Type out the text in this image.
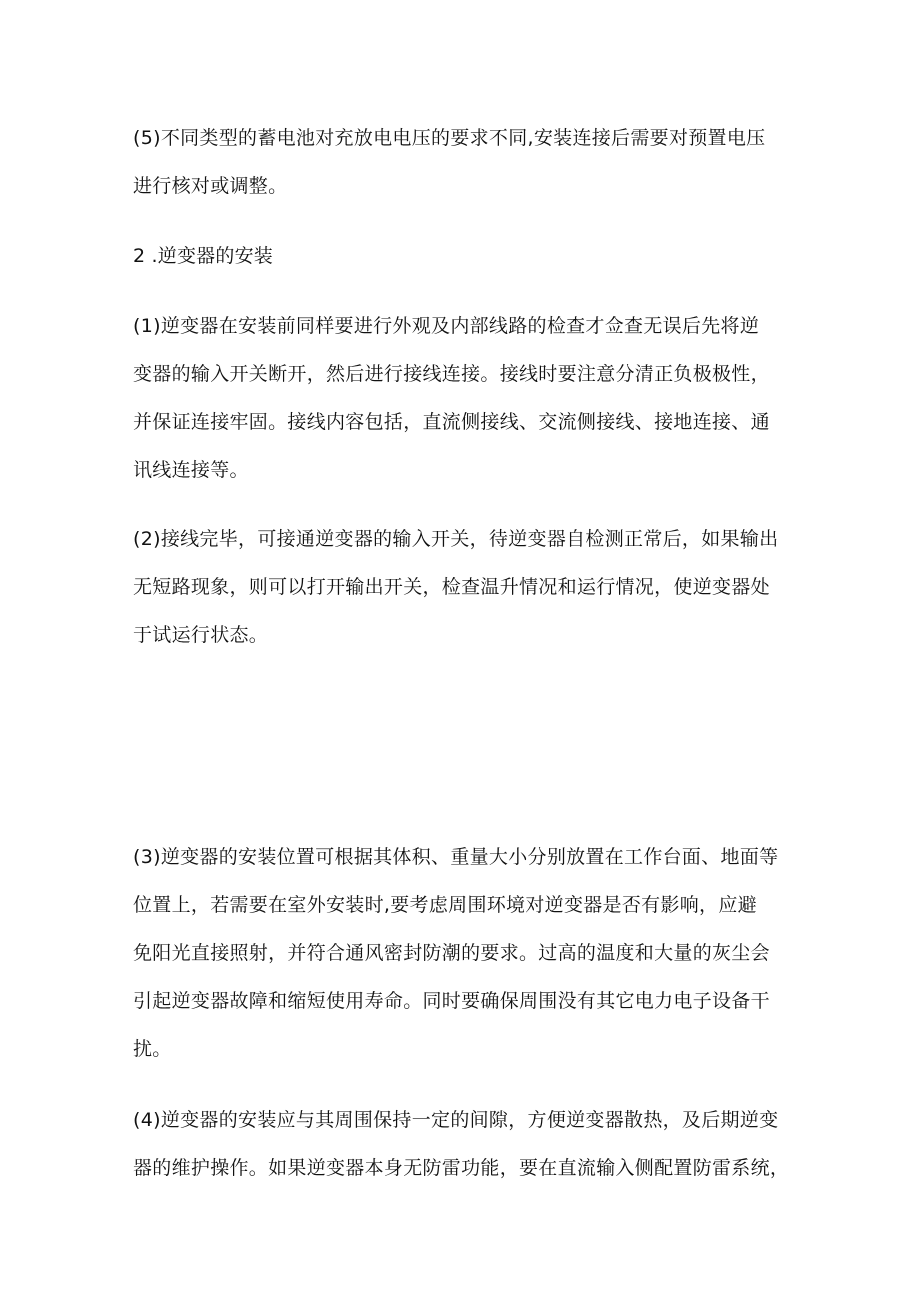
(5)不同类型的蓄电池对充放电电压的要求不同,安装连接后需要对预置电压
进行核对或调整。
2 .逆变器的安装
(1)逆变器在安装前同样要进行外观及内部线路的检查才佥查无误后先将逆
变器的输入开关断开，然后进行接线连接。接线时要注意分清正负极极性，
并保证连接牢固。接线内容包括，直流侧接线、交流侧接线、接地连接、通
讯线连接等。
(2)接线完毕，可接通逆变器的输入开关，待逆变器自检测正常后，如果输出
无短路现象，则可以打开输出开关，检查温升情况和运行情况，使逆变器处
于试运行状态。
(3)逆变器的安装位置可根据其体积、重量大小分别放置在工作台面、地面等
位置上，若需要在室外安装时,要考虑周围环境对逆变器是否有影响，应避
免阳光直接照射，并符合通风密封防潮的要求。过高的温度和大量的灰尘会
引起逆变器故障和缩短使用寿命。同时要确保周围没有其它电力电子设备干
扰。
(4)逆变器的安装应与其周围保持一定的间隙，方便逆变器散热，及后期逆变
器的维护操作。如果逆变器本身无防雷功能，要在直流输入侧配置防雷系统，
